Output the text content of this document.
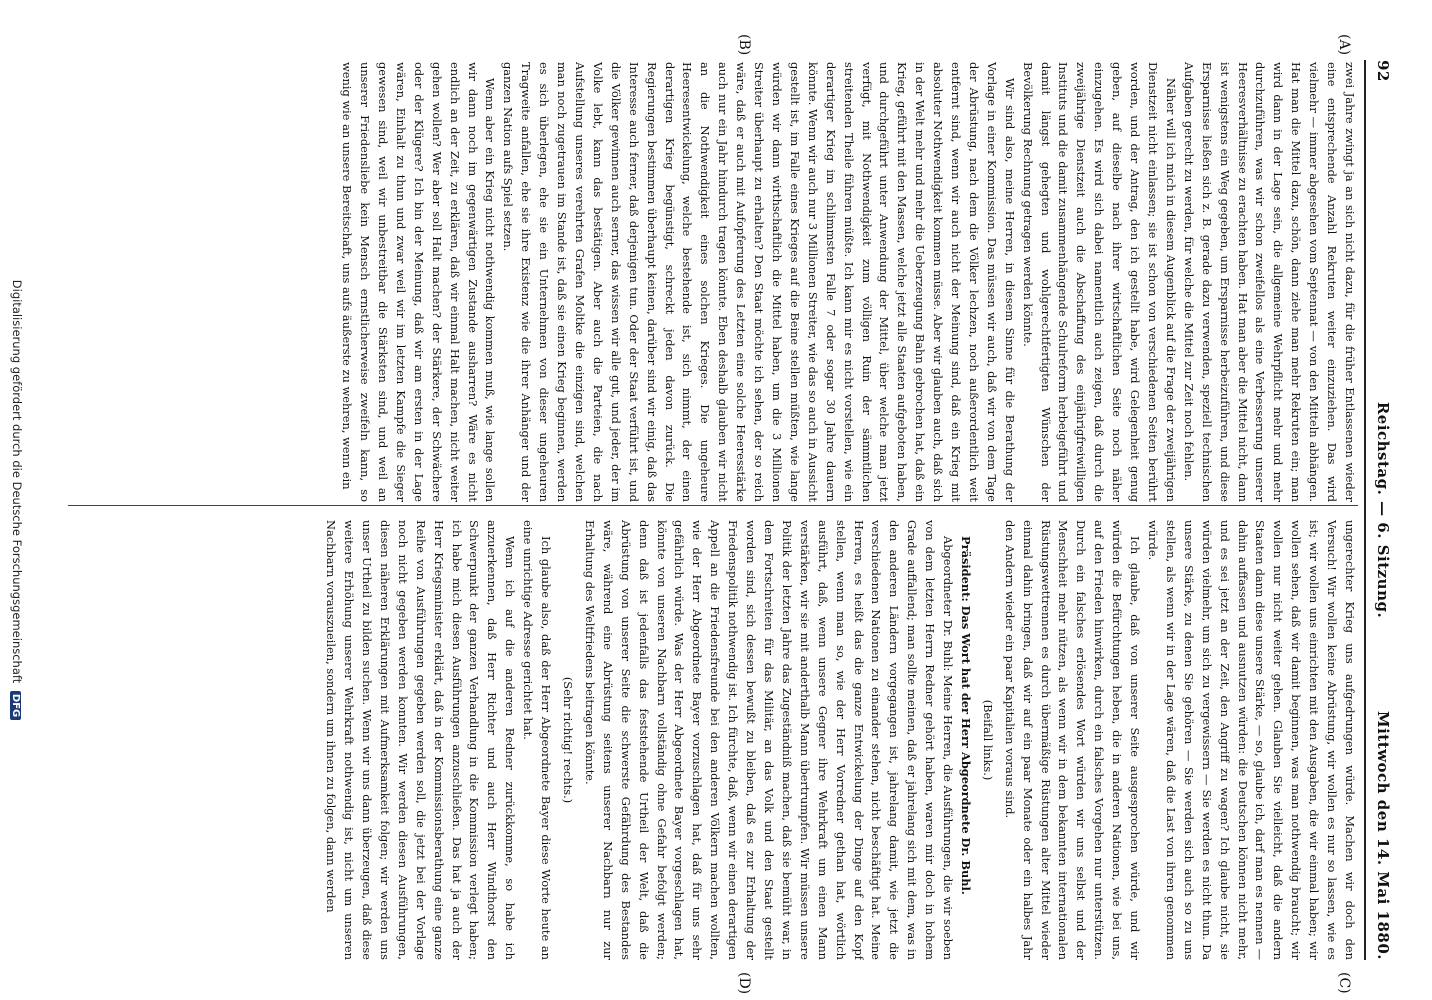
92
Reichstag. — 6. Sitzung.
Mittwoch den 14. Mai 1880.
(A)
(B)
(C)
(D)

zwei Jahre zwingt ja an sich nicht dazu, für die früher Entlassenen wieder eine entsprechende Anzahl Rekruten weiter einzuziehen. Das wird vielmehr — immer abgesehen vom Septennat — von den Mitteln abhängen. Hat man die Mittel dazu, schön, dann ziehe man mehr Rekruten ein; man wird dann in der Lage sein, die allgemeine Wehrpflicht mehr und mehr durchzuführen, was wir schon zweifellos als eine Verbesserung unserer Heeresverhältnisse zu erachten haben. Hat man aber die Mittel nicht, dann ist wenigstens ein Weg gegeben, um Ersparnisse herbeizuführen, und diese Ersparnisse ließen sich z. B. gerade dazu verwenden, speziell technischen Aufgaben gerecht zu werden, für welche die Mittel zur Zeit noch fehlen.

Näher will ich mich in diesem Augenblick auf die Frage der zweijährigen Dienstzeit nicht einlassen; sie ist schon von verschiedenen Seiten berührt worden, und der Antrag, den ich gestellt habe, wird Gelegenheit genug geben, auf dieselbe nach ihrer wirtschaftlichen Seite noch näher einzugehen. Es wird sich dabei namentlich auch zeigen, daß durch die zweijährige Dienstzeit auch die Abschaffung des einjährigfreiwilligen Instituts und die damit zusammenhängende Schulreform herbeigeführt und damit längst gehegten und wohlgerechtfertigten Wünschen der Bevölkerung Rechnung getragen werden könnte.

Wir sind also, meine Herren, in diesem Sinne für die Berathung der Vorlage in einer Kommission. Das müssen wir auch, daß wir von dem Tage der Abrüstung, nach dem die Völker lechzen, noch außerordentlich weit entfernt sind, wenn wir auch nicht der Meinung sind, daß ein Krieg mit absoluter Nothwendigkeit kommen müsse. Aber wir glauben auch, daß sich in der Welt mehr und mehr die Ueberzeugung Bahn gebrochen hat, daß ein Krieg, geführt mit den Massen, welche jetzt alle Staaten aufgeboten haben, und durchgeführt unter Anwendung der Mittel, über welche man jetzt verfügt, mit Nothwendigkeit zum völligen Ruin der sämmtlichen streitenden Theile führen müßte. Ich kann mir es nicht vorstellen, wie ein derartiger Krieg im schlimmsten Falle 7 oder sogar 30 Jahre dauern könnte. Wenn wir auch nur 3 Millionen Streiter, wie das so auch in Aussicht gestellt ist, im Falle eines Krieges auf die Beine stellen müßten, wie lange würden wir dann wirthschaftlich die Mittel haben, um die 3 Millionen Streiter überhaupt zu erhalten? Den Staat möchte ich sehen, der so reich wäre, daß er auch mit Aufopferung des Letzten eine solche Heeresstärke auch nur ein Jahr hindurch tragen könnte. Eben deshalb glauben wir nicht an die Nothwendigkeit eines solchen Krieges. Die ungeheure Heeresentwickelung, welche bestehende ist, sich nimmt, der einen derartigen Krieg begünstigt, schreckt jeden davon zurück. Die Regierungen bestimmen überhaupt keinen, darüber sind wir einig, daß das Interesse auch ferner, daß derjenigen tun. Oder der Staat verführt ist, und die Völker gewinnen auch serner, das wissen wir alle gut, und jeder, der im Volke lebt, kann das bestätigen. Aber auch die Parteien, die nach Aufstellung unseres verehrten Grafen Moltke die einzigen sind, welchen man noch zugetrauen im Stande ist, daß sie einen Krieg beginnen, werden es sich überlegen, ehe sie ein Unternehmen von dieser ungeheuren Tragweite anfallen, ehe sie ihre Existenz wie die ihrer Anhänger und der ganzen Nation aufs Spiel setzen.

Wenn aber ein Krieg nicht nothwendig kommen muß, wie lange sollen wir dann noch im gegenwärtigen Zustande ausharren? Wäre es nicht endlich an der Zeit, zu erklären, daß wir einmal Halt machen, nicht weiter gehen wollen? Wer aber soll Halt machen? der Stärkere, der Schwächere oder der Klügere? Ich bin der Meinung, daß wir am ersten in der Lage wären, Einhalt zu thun und zwar weil wir im letzten Kampfe die Sieger gewesen sind, weil wir unbestreitbar die Stärksten sind, und weil an unserer Friedensliebe kein Mensch ernstlicherweise zweifeln kann, so wenig wie an unsere Bereitschaft, uns aufs äußerste zu wehren, wenn ein

ungerechter Krieg uns aufgedrungen würde. Machen wir doch den Versuch! Wir wollen keine Abrüstung, wir wollen es nur so lassen, wie es ist; wir wollen uns einrichten mit den Ausgaben, die wir einmal haben; wir wollen sehen, daß wir damit beginnen, was man nothwendig braucht; wir wollen nur nicht weiter gehen. Glauben Sie vielleicht, daß die andern Staaten dann diese unsere Stärke, — so, glaube ich, darf man es nennen — dahin auffassen und ausnutzen würden: die Deutschen können nicht mehr, und es sei jetzt an der Zeit, den Angriff zu wagen? Ich glaube nicht, sie würden vielmehr, um sich zu vergewissern — Sie werden es nicht thun. Da unsere Stärke, zu denen Sie gehören — Sie werden sich auch so zu uns stellen, als wenn wir in der Lage wären, daß die Last von ihren genommen würde.

Ich glaube, daß von unserer Seite ausgesprochen würde, und wir würden die Befürchtungen heben, die in anderen Nationen, wie bei uns, auf den Frieden hinwirken, durch ein falsches Vorgehen nur unterstützen. Durch ein falsches erlösendes Wort würden wir uns selbst und der Menschheit mehr nützen, als wenn wir in dem bekannten internationalen Rüstungswettrennen es durch übermäßige Rüstungen alter Mittel wieder einmal dahin bringen, daß wir auf ein paar Monate oder ein halbes Jahr den Andern wieder ein paar Kapitalien voraus sind.

(Beifall links.)

Präsident: Das Wort hat der Herr Abgeordnete Dr. Buhl.

Abgeordneter Dr. Buhl: Meine Herren, die Ausführungen, die wir soeben von dem letzten Herrn Redner gehört haben, waren mir doch in hohem Grade auffallend; man sollte meinen, daß er jahrelang sich mit dem, was in den anderen Ländern vorgegangen ist, jahrelang damit, wie jetzt die verschiedenen Nationen zu einander stehen, nicht beschäftigt hat. Meine Herren, es heißt das die ganze Entwickelung der Dinge auf den Kopf stellen, wenn man so, wie der Herr Vorredner gethan hat, wörtlich ausführt, daß, wenn unsere Gegner ihre Wehrkraft um einen Mann verstärken, wir sie mit anderthalb Mann übertrumpfen. Wir müssen unsere Politik der letzten Jahre das Zugeständniß machen, daß sie bemüht war, in dem Fortschreiten für das Militär, an das Volk und den Staat gestellt worden sind, sich dessen bewußt zu bleiben, daß es zur Erhaltung der Friedenspolitik nothwendig ist. Ich fürchte, daß, wenn wir einen derartigen Appell an die Friedensfreunde bei den anderen Völkern machen wollten, wie der Herr Abgeordnete Bayer vorzuschlagen hat, daß für uns sehr gefährlich würde. Was der Herr Abgeordnete Bayer vorgeschlagen hat, könnte von unseren Nachbarn vollständig ohne Gefahr befolgt werden; denn daß ist jedenfalls das feststehende Urtheil der Welt, daß die Abrüstung von unserer Seite die schwerste Gefährdung des Bestandes wäre, während eine Abrüstung seitens unserer Nachbarn nur zur Erhaltung des Weltfriedens beitragen könnte.

(Sehr richtig! rechts.)

Ich glaube also, daß der Herr Abgeordnete Bayer diese Worte heute an eine unrichtige Adresse gerichtet hat.

Wenn ich auf die anderen Redner zurückkomme, so habe ich anzuerkennen, daß Herr Richter und auch Herr Windthorst den Schwerpunkt der ganzen Verhandlung in die Kommission verlegt haben; ich habe mich diesen Ausführungen anzuschließen. Das hat ja auch der Herr Kriegsminister erklärt, daß in der Kommissionsberathung eine ganze Reihe von Ausführungen gegeben werden soll, die jetzt bei der Vorlage noch nicht gegeben werden konnten. Wir werden diesen Ausführungen, diesen näheren Erklärungen mit Aufmerksamkeit folgen; wir werden uns unser Urtheil zu bilden suchen. Wenn wir uns dann überzeugen, daß diese weitere Erhöhung unserer Wehrkraft nothwendig ist, nicht um unseren Nachbarn vorauszueilen, sondern um ihnen zu folgen, dann werden

Digitalisierung gefördert durch die Deutsche Forschungsgemeinschaft DFG
